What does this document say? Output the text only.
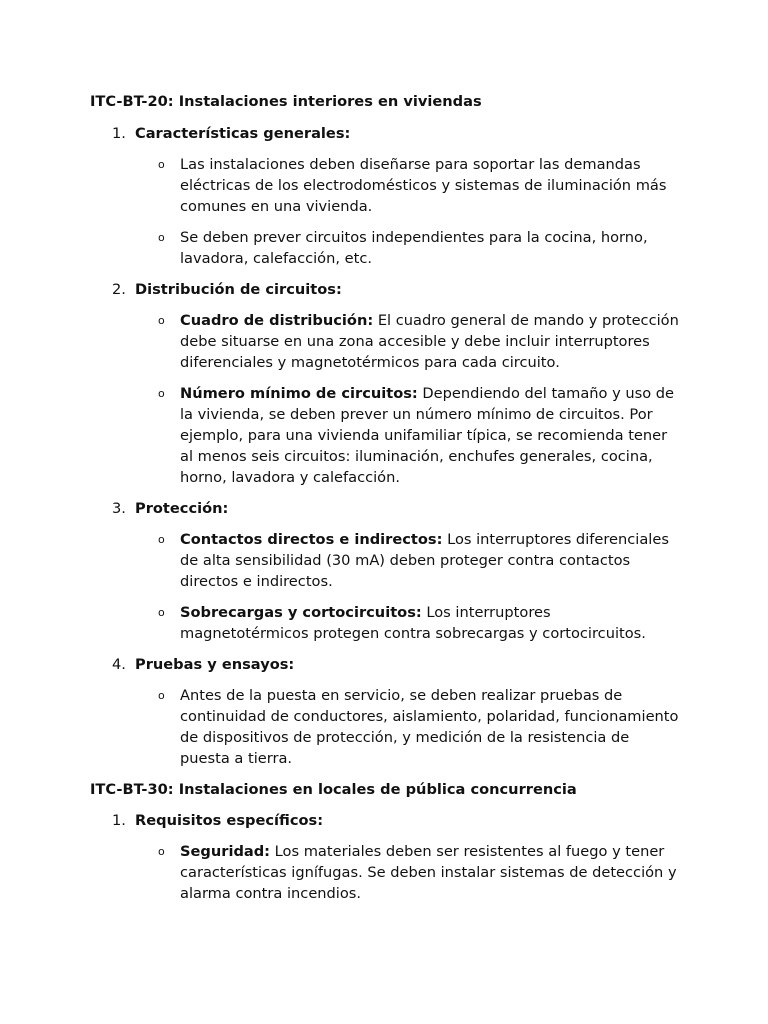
ITC-BT-20: Instalaciones interiores en viviendas
1. Características generales:
o Las instalaciones deben diseñarse para soportar las demandas eléctricas de los electrodomésticos y sistemas de iluminación más comunes en una vivienda.
o Se deben prever circuitos independientes para la cocina, horno, lavadora, calefacción, etc.
2. Distribución de circuitos:
o Cuadro de distribución: El cuadro general de mando y protección debe situarse en una zona accesible y debe incluir interruptores diferenciales y magnetotérmicos para cada circuito.
o Número mínimo de circuitos: Dependiendo del tamaño y uso de la vivienda, se deben prever un número mínimo de circuitos. Por ejemplo, para una vivienda unifamiliar típica, se recomienda tener al menos seis circuitos: iluminación, enchufes generales, cocina, horno, lavadora y calefacción.
3. Protección:
o Contactos directos e indirectos: Los interruptores diferenciales de alta sensibilidad (30 mA) deben proteger contra contactos directos e indirectos.
o Sobrecargas y cortocircuitos: Los interruptores magnetotérmicos protegen contra sobrecargas y cortocircuitos.
4. Pruebas y ensayos:
o Antes de la puesta en servicio, se deben realizar pruebas de continuidad de conductores, aislamiento, polaridad, funcionamiento de dispositivos de protección, y medición de la resistencia de puesta a tierra.
ITC-BT-30: Instalaciones en locales de pública concurrencia
1. Requisitos específicos:
o Seguridad: Los materiales deben ser resistentes al fuego y tener características ignífugas. Se deben instalar sistemas de detección y alarma contra incendios.
